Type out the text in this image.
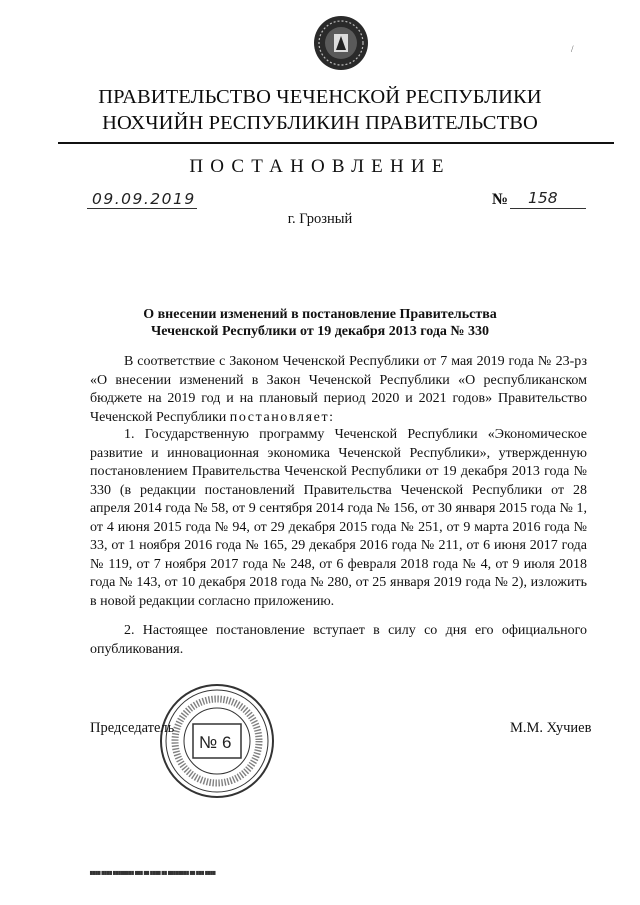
/
ПРАВИТЕЛЬСТВО ЧЕЧЕНСКОЙ РЕСПУБЛИКИ
НОХЧИЙН РЕСПУБЛИКИН ПРАВИТЕЛЬСТВО
ПОСТАНОВЛЕНИЕ
09.09.2019	№ 158
г. Грозный
О внесении изменений в постановление Правительства
Чеченской Республики от 19 декабря 2013 года № 330

В соответствие с Законом Чеченской Республики от 7 мая 2019 года № 23-рз «О внесении изменений в Закон Чеченской Республики «О республиканском бюджете на 2019 год и на плановый период 2020 и 2021 годов» Правительство Чеченской Республики постановляет:

1. Государственную программу Чеченской Республики «Экономическое развитие и инновационная экономика Чеченской Республики», утвержденную постановлением Правительства Чеченской Республики от 19 декабря 2013 года № 330 (в редакции постановлений Правительства Чеченской Республики от 28 апреля 2014 года № 58, от 9 сентября 2014 года № 156, от 30 января 2015 года № 1, от 4 июня 2015 года № 94, от 29 декабря 2015 года № 251, от 9 марта 2016 года № 33, от 1 ноября 2016 года № 165, 29 декабря 2016 года № 211, от 6 июня 2017 года № 119, от 7 ноября 2017 года № 248, от 6 февраля 2018 года № 4, от 9 июля 2018 года № 143, от 10 декабря 2018 года № 280, от 25 января 2019 года № 2), изложить в новой редакции согласно приложению.

2. Настоящее постановление вступает в силу со дня его официального опубликования.

№ 6
Председатель	М.М. Хучиев
████ ████ ████████ ███ ██ ████ ██ ████████ ██ ███ ████
